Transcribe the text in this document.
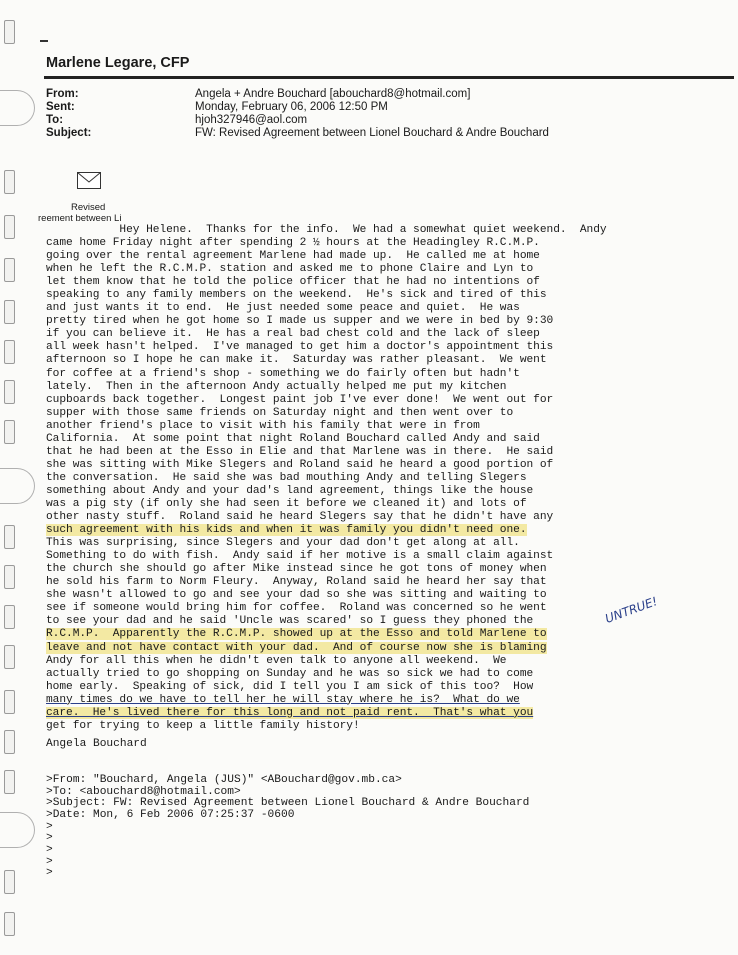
Marlene Legare, CFP
From:	Angela + Andre Bouchard [abouchard8@hotmail.com]
Sent:	Monday, February 06, 2006 12:50 PM
To:	hjoh327946@aol.com
Subject:	FW: Revised Agreement between Lionel Bouchard & Andre Bouchard
Revised
reement between Li
Hey Helene.  Thanks for the info.  We had a somewhat quiet weekend.  Andy
came home Friday night after spending 2 ½ hours at the Headingley R.C.M.P.
going over the rental agreement Marlene had made up.  He called me at home
when he left the R.C.M.P. station and asked me to phone Claire and Lyn to
let them know that he told the police officer that he had no intentions of
speaking to any family members on the weekend.  He's sick and tired of this
and just wants it to end.  He just needed some peace and quiet.  He was
pretty tired when he got home so I made us supper and we were in bed by 9:30
if you can believe it.  He has a real bad chest cold and the lack of sleep
all week hasn't helped.  I've managed to get him a doctor's appointment this
afternoon so I hope he can make it.  Saturday was rather pleasant.  We went
for coffee at a friend's shop - something we do fairly often but hadn't
lately.  Then in the afternoon Andy actually helped me put my kitchen
cupboards back together.  Longest paint job I've ever done!  We went out for
supper with those same friends on Saturday night and then went over to
another friend's place to visit with his family that were in from
California.  At some point that night Roland Bouchard called Andy and said
that he had been at the Esso in Elie and that Marlene was in there.  He said
she was sitting with Mike Slegers and Roland said he heard a good portion of
the conversation.  He said she was bad mouthing Andy and telling Slegers
something about Andy and your dad's land agreement, things like the house
was a pig sty (if only she had seen it before we cleaned it) and lots of
other nasty stuff.  Roland said he heard Slegers say that he didn't have any
such agreement with his kids and when it was family you didn't need one.
This was surprising, since Slegers and your dad don't get along at all.
Something to do with fish.  Andy said if her motive is a small claim against
the church she should go after Mike instead since he got tons of money when
he sold his farm to Norm Fleury.  Anyway, Roland said he heard her say that
she wasn't allowed to go and see your dad so she was sitting and waiting to
see if someone would bring him for coffee.  Roland was concerned so he went
to see your dad and he said 'Uncle was scared' so I guess they phoned the
R.C.M.P.  Apparently the R.C.M.P. showed up at the Esso and told Marlene to
leave and not have contact with your dad.  And of course now she is blaming
Andy for all this when he didn't even talk to anyone all weekend.  We
actually tried to go shopping on Sunday and he was so sick we had to come
home early.  Speaking of sick, did I tell you I am sick of this too?  How
many times do we have to tell her he will stay where he is?  What do we
care.  He's lived there for this long and not paid rent.  That's what you
get for trying to keep a little family history!
Angela Bouchard
>From: "Bouchard, Angela (JUS)" <ABouchard@gov.mb.ca>
>To: <abouchard8@hotmail.com>
>Subject: FW: Revised Agreement between Lionel Bouchard & Andre Bouchard
>Date: Mon, 6 Feb 2006 07:25:37 -0600
>
>
>
>
>
UNTRUE!
